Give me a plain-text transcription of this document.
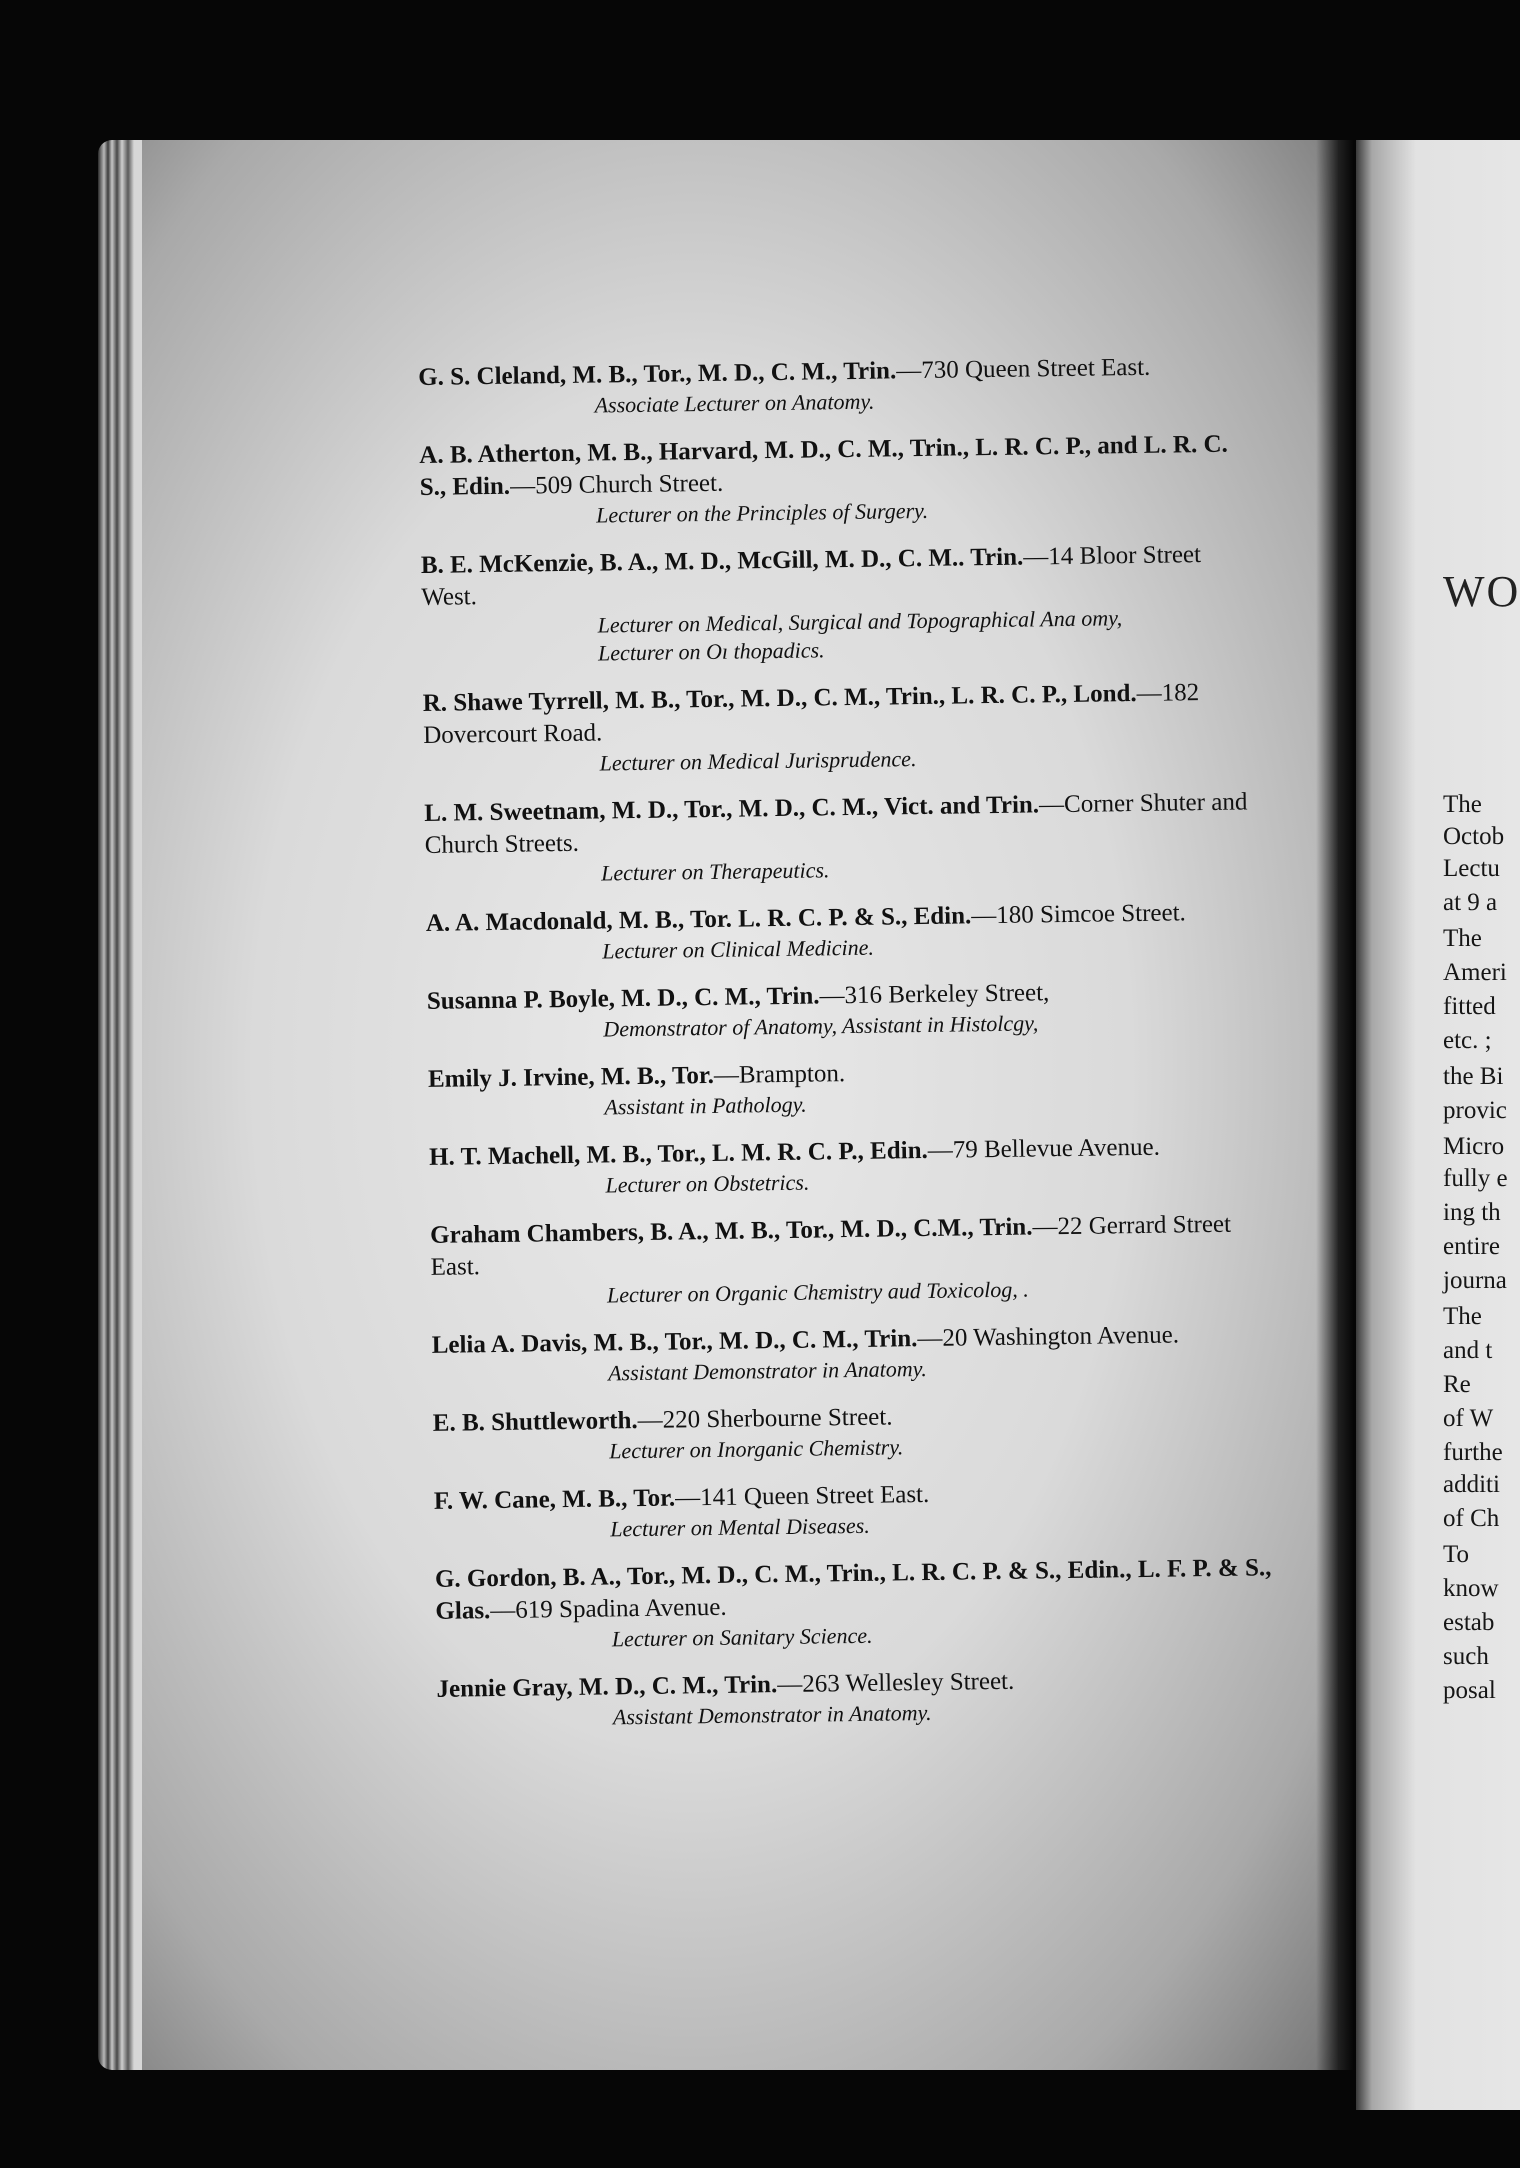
G. S. Cleland, M. B., Tor., M. D., C. M., Trin.—730 Queen Street East.
Associate Lecturer on Anatomy.
A. B. Atherton, M. B., Harvard, M. D., C. M., Trin., L. R. C. P., and L. R. C. S., Edin.—509 Church Street.
Lecturer on the Principles of Surgery.
B. E. McKenzie, B. A., M. D., McGill, M. D., C. M.. Trin.—14 Bloor Street West.
Lecturer on Medical, Surgical and Topographical Ana omy,
Lecturer on Oı thopadics.
R. Shawe Tyrrell, M. B., Tor., M. D., C. M., Trin., L. R. C. P., Lond.—182 Dovercourt Road.
Lecturer on Medical Jurisprudence.
L. M. Sweetnam, M. D., Tor., M. D., C. M., Vict. and Trin.—Corner Shuter and Church Streets.
Lecturer on Therapeutics.
A. A. Macdonald, M. B., Tor. L. R. C. P. & S., Edin.—180 Simcoe Street.
Lecturer on Clinical Medicine.
Susanna P. Boyle, M. D., C. M., Trin.—316 Berkeley Street,
Demonstrator of Anatomy, Assistant in Histolcgy,
Emily J. Irvine, M. B., Tor.—Brampton.
Assistant in Pathology.
H. T. Machell, M. B., Tor., L. M. R. C. P., Edin.—79 Bellevue Avenue.
Lecturer on Obstetrics.
Graham Chambers, B. A., M. B., Tor., M. D., C.M., Trin.—22 Gerrard Street East.
Lecturer on Organic Chεmistry aud Toxicolog, .
Lelia A. Davis, M. B., Tor., M. D., C. M., Trin.—20 Washington Avenue.
Assistant Demonstrator in Anatomy.
E. B. Shuttleworth.—220 Sherbourne Street.
Lecturer on Inorganic Chemistry.
F. W. Cane, M. B., Tor.—141 Queen Street East.
Lecturer on Mental Diseases.
G. Gordon, B. A., Tor., M. D., C. M., Trin., L. R. C. P. & S., Edin., L. F. P. & S., Glas.—619 Spadina Avenue.
Lecturer on Sanitary Science.
Jennie Gray, M. D., C. M., Trin.—263 Wellesley Street.
Assistant Demonstrator in Anatomy.
WO
The
Octob
Lectu
at 9 a
The
Ameri
fitted
etc. ;
the Bi
provic
Micro
fully e
ing th
entire
journa
The
and t
Re
of W
furthe
additi
of Ch
To
know
estab
such
posal
